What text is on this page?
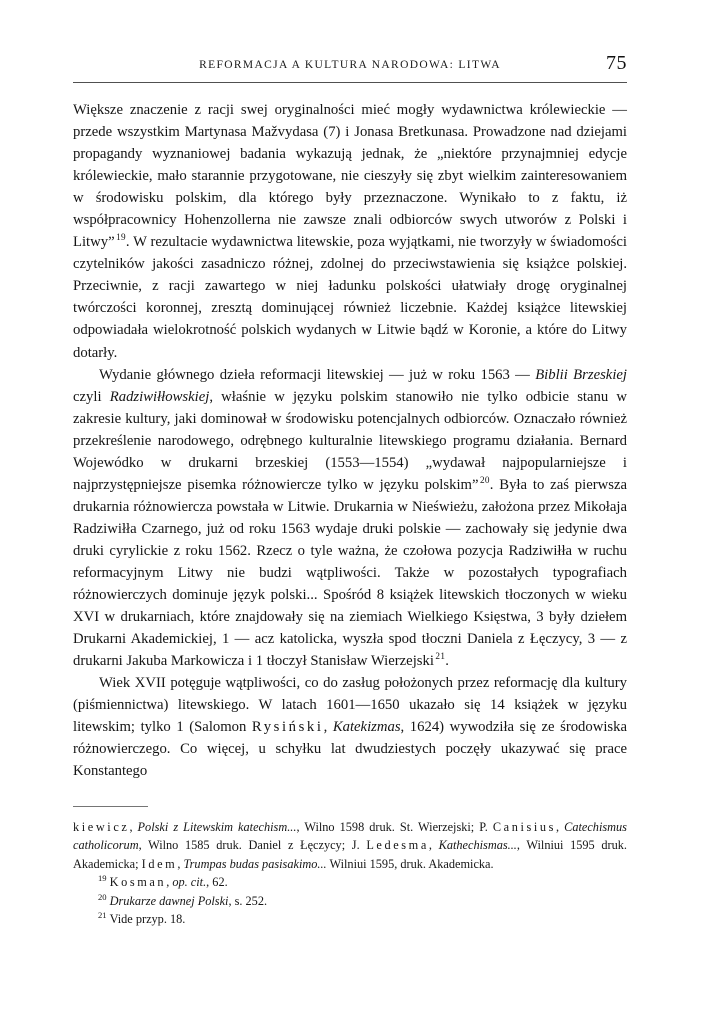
REFORMACJA A KULTURA NARODOWA: LITWA	75

Większe znaczenie z racji swej oryginalności mieć mogły wydawnictwa królewieckie — przede wszystkim Martynasa Mažvydasa (7) i Jonasa Bretkunasa. Prowadzone nad dziejami propagandy wyznaniowej badania wykazują jednak, że „niektóre przynajmniej edycje królewieckie, mało starannie przygotowane, nie cieszyły się zbyt wielkim zainteresowaniem w środowisku polskim, dla którego były przeznaczone. Wynikało to z faktu, iż współpracownicy Hohenzollerna nie zawsze znali odbiorców swych utworów z Polski i Litwy” $^{19}$. W rezultacie wydawnictwa litewskie, poza wyjątkami, nie tworzyły w świadomości czytelników jakości zasadniczo różnej, zdolnej do przeciwstawienia się książce polskiej. Przeciwnie, z racji zawartego w niej ładunku polskości ułatwiały drogę oryginalnej twórczości koronnej, zresztą dominującej również liczebnie. Każdej książce litewskiej odpowiadała wielokrotność polskich wydanych w Litwie bądź w Koronie, a które do Litwy dotarły.

Wydanie głównego dzieła reformacji litewskiej — już w roku 1563 — Biblii Brzeskiej czyli Radziwiłłowskiej, właśnie w języku polskim stanowiło nie tylko odbicie stanu w zakresie kultury, jaki dominował w środowisku potencjalnych odbiorców. Oznaczało również przekreślenie narodowego, odrębnego kulturalnie litewskiego programu działania. Bernard Wojewódko w drukarni brzeskiej (1553—1554) „wydawał najpopularniejsze i najprzystępniejsze pisemka różnowiercze tylko w języku polskim” $^{20}$. Była to zaś pierwsza drukarnia różnowiercza powstała w Litwie. Drukarnia w Nieświeżu, założona przez Mikołaja Radziwiłła Czarnego, już od roku 1563 wydaje druki polskie — zachowały się jedynie dwa druki cyrylickie z roku 1562. Rzecz o tyle ważna, że czołowa pozycja Radziwiłła w ruchu reformacyjnym Litwy nie budzi wątpliwości. Także w pozostałych typografiach różnowierczych dominuje język polski... Spośród 8 książek litewskich tłoczonych w wieku XVI w drukarniach, które znajdowały się na ziemiach Wielkiego Księstwa, 3 były dziełem Drukarni Akademickiej, 1 — acz katolicka, wyszła spod tłoczni Daniela z Łęczycy, 3 — z drukarni Jakuba Markowicza i 1 tłoczył Stanisław Wierzejski $^{21}$.

Wiek XVII potęguje wątpliwości, co do zasług położonych przez reformację dla kultury (piśmiennictwa) litewskiego. W latach 1601—1650 ukazało się 14 książek w języku litewskim; tylko 1 (Salomon Rysiński, Katekizmas, 1624) wywodziła się ze środowiska różnowierczego. Co więcej, u schyłku lat dwudziestych poczęły ukazywać się prace Konstantego

kiewicz, Polski z Litewskim katechism..., Wilno 1598 druk. St. Wierzejski; P. Canisius, Catechismus catholicorum, Wilno 1585 druk. Daniel z Łęczycy; J. Ledesma, Kathechismas..., Wilniui 1595 druk. Akademicka; Idem, Trumpas budas pasisakimo... Wilniui 1595, druk. Akademicka.

$^{19}$ Kosman, op. cit., 62.

$^{20}$ Drukarze dawnej Polski, s. 252.

$^{21}$ Vide przyp. 18.
